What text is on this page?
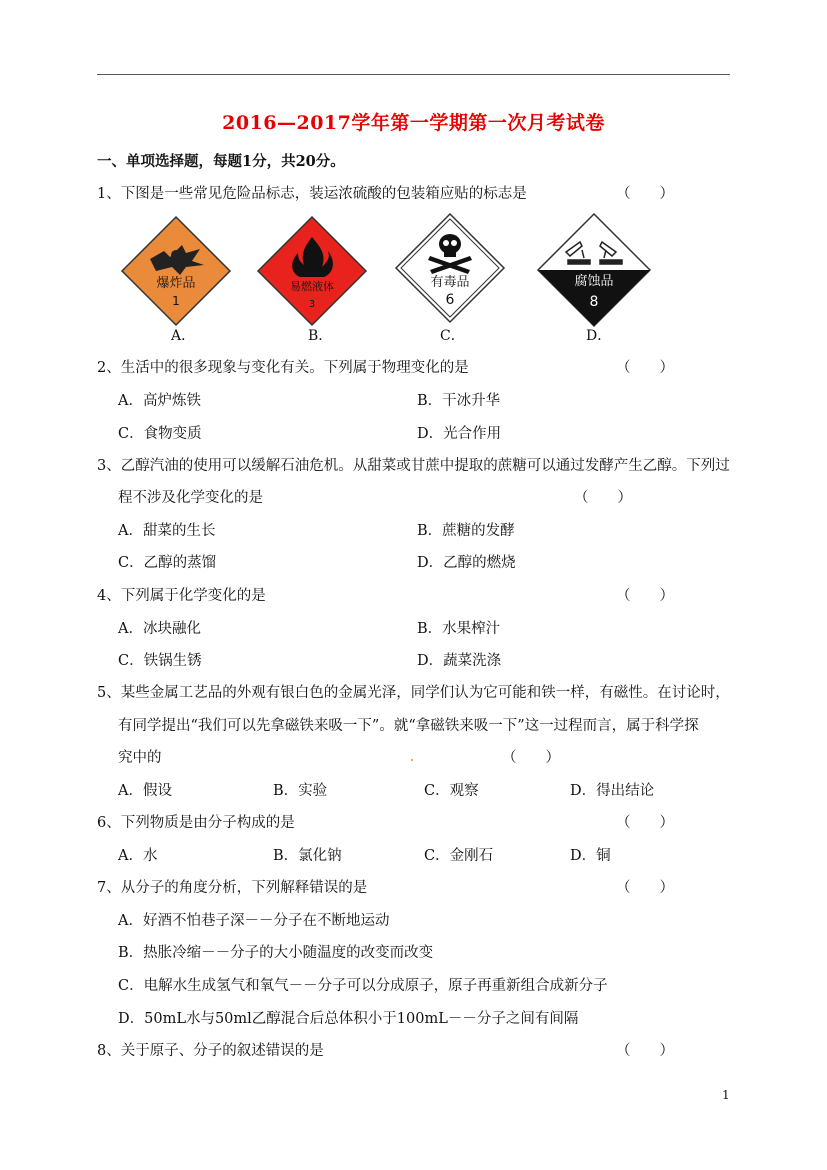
2016—2017学年第一学期第一次月考试卷
一、单项选择题，每题1分，共20分。
1、下图是一些常见危险品标志，装运浓硫酸的包装箱应贴的标志是	（　　）
爆炸品
1
易燃液体
3
有毒品
6
腐蚀品
8
A．	B．	C．	D．
2、生活中的很多现象与变化有关。下列属于物理变化的是	（　　）
A．高炉炼铁	B．干冰升华
C．食物变质	D．光合作用
3、乙醇汽油的使用可以缓解石油危机。从甜菜或甘蔗中提取的蔗糖可以通过发酵产生乙醇。下列过
程不涉及化学变化的是	（　　）
A．甜菜的生长	B．蔗糖的发酵
C．乙醇的蒸馏	D．乙醇的燃烧
4、下列属于化学变化的是	（　　）
A．冰块融化	B．水果榨汁
C．铁锅生锈	D．蔬菜洗涤
5、某些金属工艺品的外观有银白色的金属光泽，同学们认为它可能和铁一样，有磁性。在讨论时，
有同学提出“我们可以先拿磁铁来吸一下”。就“拿磁铁来吸一下”这一过程而言，属于科学探
究中的	（　　）
A．假设	B．实验	C．观察	D．得出结论
6、下列物质是由分子构成的是	（　　）
A．水	B．氯化钠	C．金刚石	D．铜
7、从分子的角度分析，下列解释错误的是	（　　）
A．好酒不怕巷子深－－分子在不断地运动
B．热胀冷缩－－分子的大小随温度的改变而改变
C．电解水生成氢气和氧气－－分子可以分成原子，原子再重新组合成新分子
D．50mL水与50ml乙醇混合后总体积小于100mL－－分子之间有间隔
8、关于原子、分子的叙述错误的是	（　　）
1
